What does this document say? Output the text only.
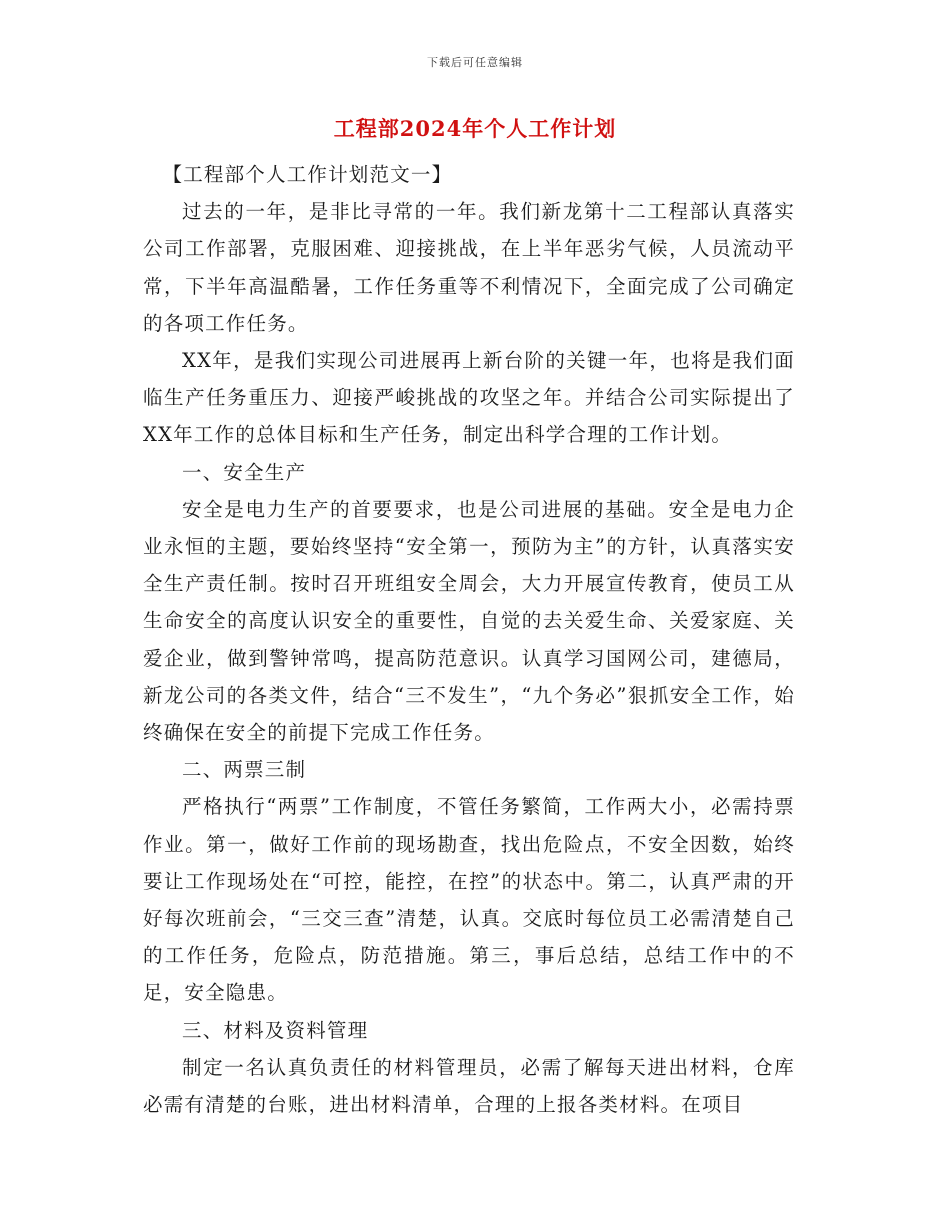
下载后可任意编辑
工程部2024年个人工作计划

【工程部个人工作计划范文一】

过去的一年，是非比寻常的一年。我们新龙第十二工程部认真落实公司工作部署，克服困难、迎接挑战，在上半年恶劣气候，人员流动平常，下半年高温酷暑，工作任务重等不利情况下，全面完成了公司确定的各项工作任务。

XX年，是我们实现公司进展再上新台阶的关键一年，也将是我们面临生产任务重压力、迎接严峻挑战的攻坚之年。并结合公司实际提出了XX年工作的总体目标和生产任务，制定出科学合理的工作计划。

一、安全生产

安全是电力生产的首要要求，也是公司进展的基础。安全是电力企业永恒的主题，要始终坚持“安全第一，预防为主”的方针，认真落实安全生产责任制。按时召开班组安全周会，大力开展宣传教育，使员工从生命安全的高度认识安全的重要性，自觉的去关爱生命、关爱家庭、关爱企业，做到警钟常鸣，提高防范意识。认真学习国网公司，建德局，新龙公司的各类文件，结合“三不发生”，“九个务必”狠抓安全工作，始终确保在安全的前提下完成工作任务。

二、两票三制

严格执行“两票”工作制度，不管任务繁简，工作两大小，必需持票作业。第一，做好工作前的现场勘查，找出危险点，不安全因数，始终要让工作现场处在“可控，能控，在控”的状态中。第二，认真严肃的开好每次班前会，“三交三查”清楚，认真。交底时每位员工必需清楚自己的工作任务，危险点，防范措施。第三，事后总结，总结工作中的不足，安全隐患。

三、材料及资料管理

制定一名认真负责任的材料管理员，必需了解每天进出材料，仓库必需有清楚的台账，进出材料清单，合理的上报各类材料。在项目
